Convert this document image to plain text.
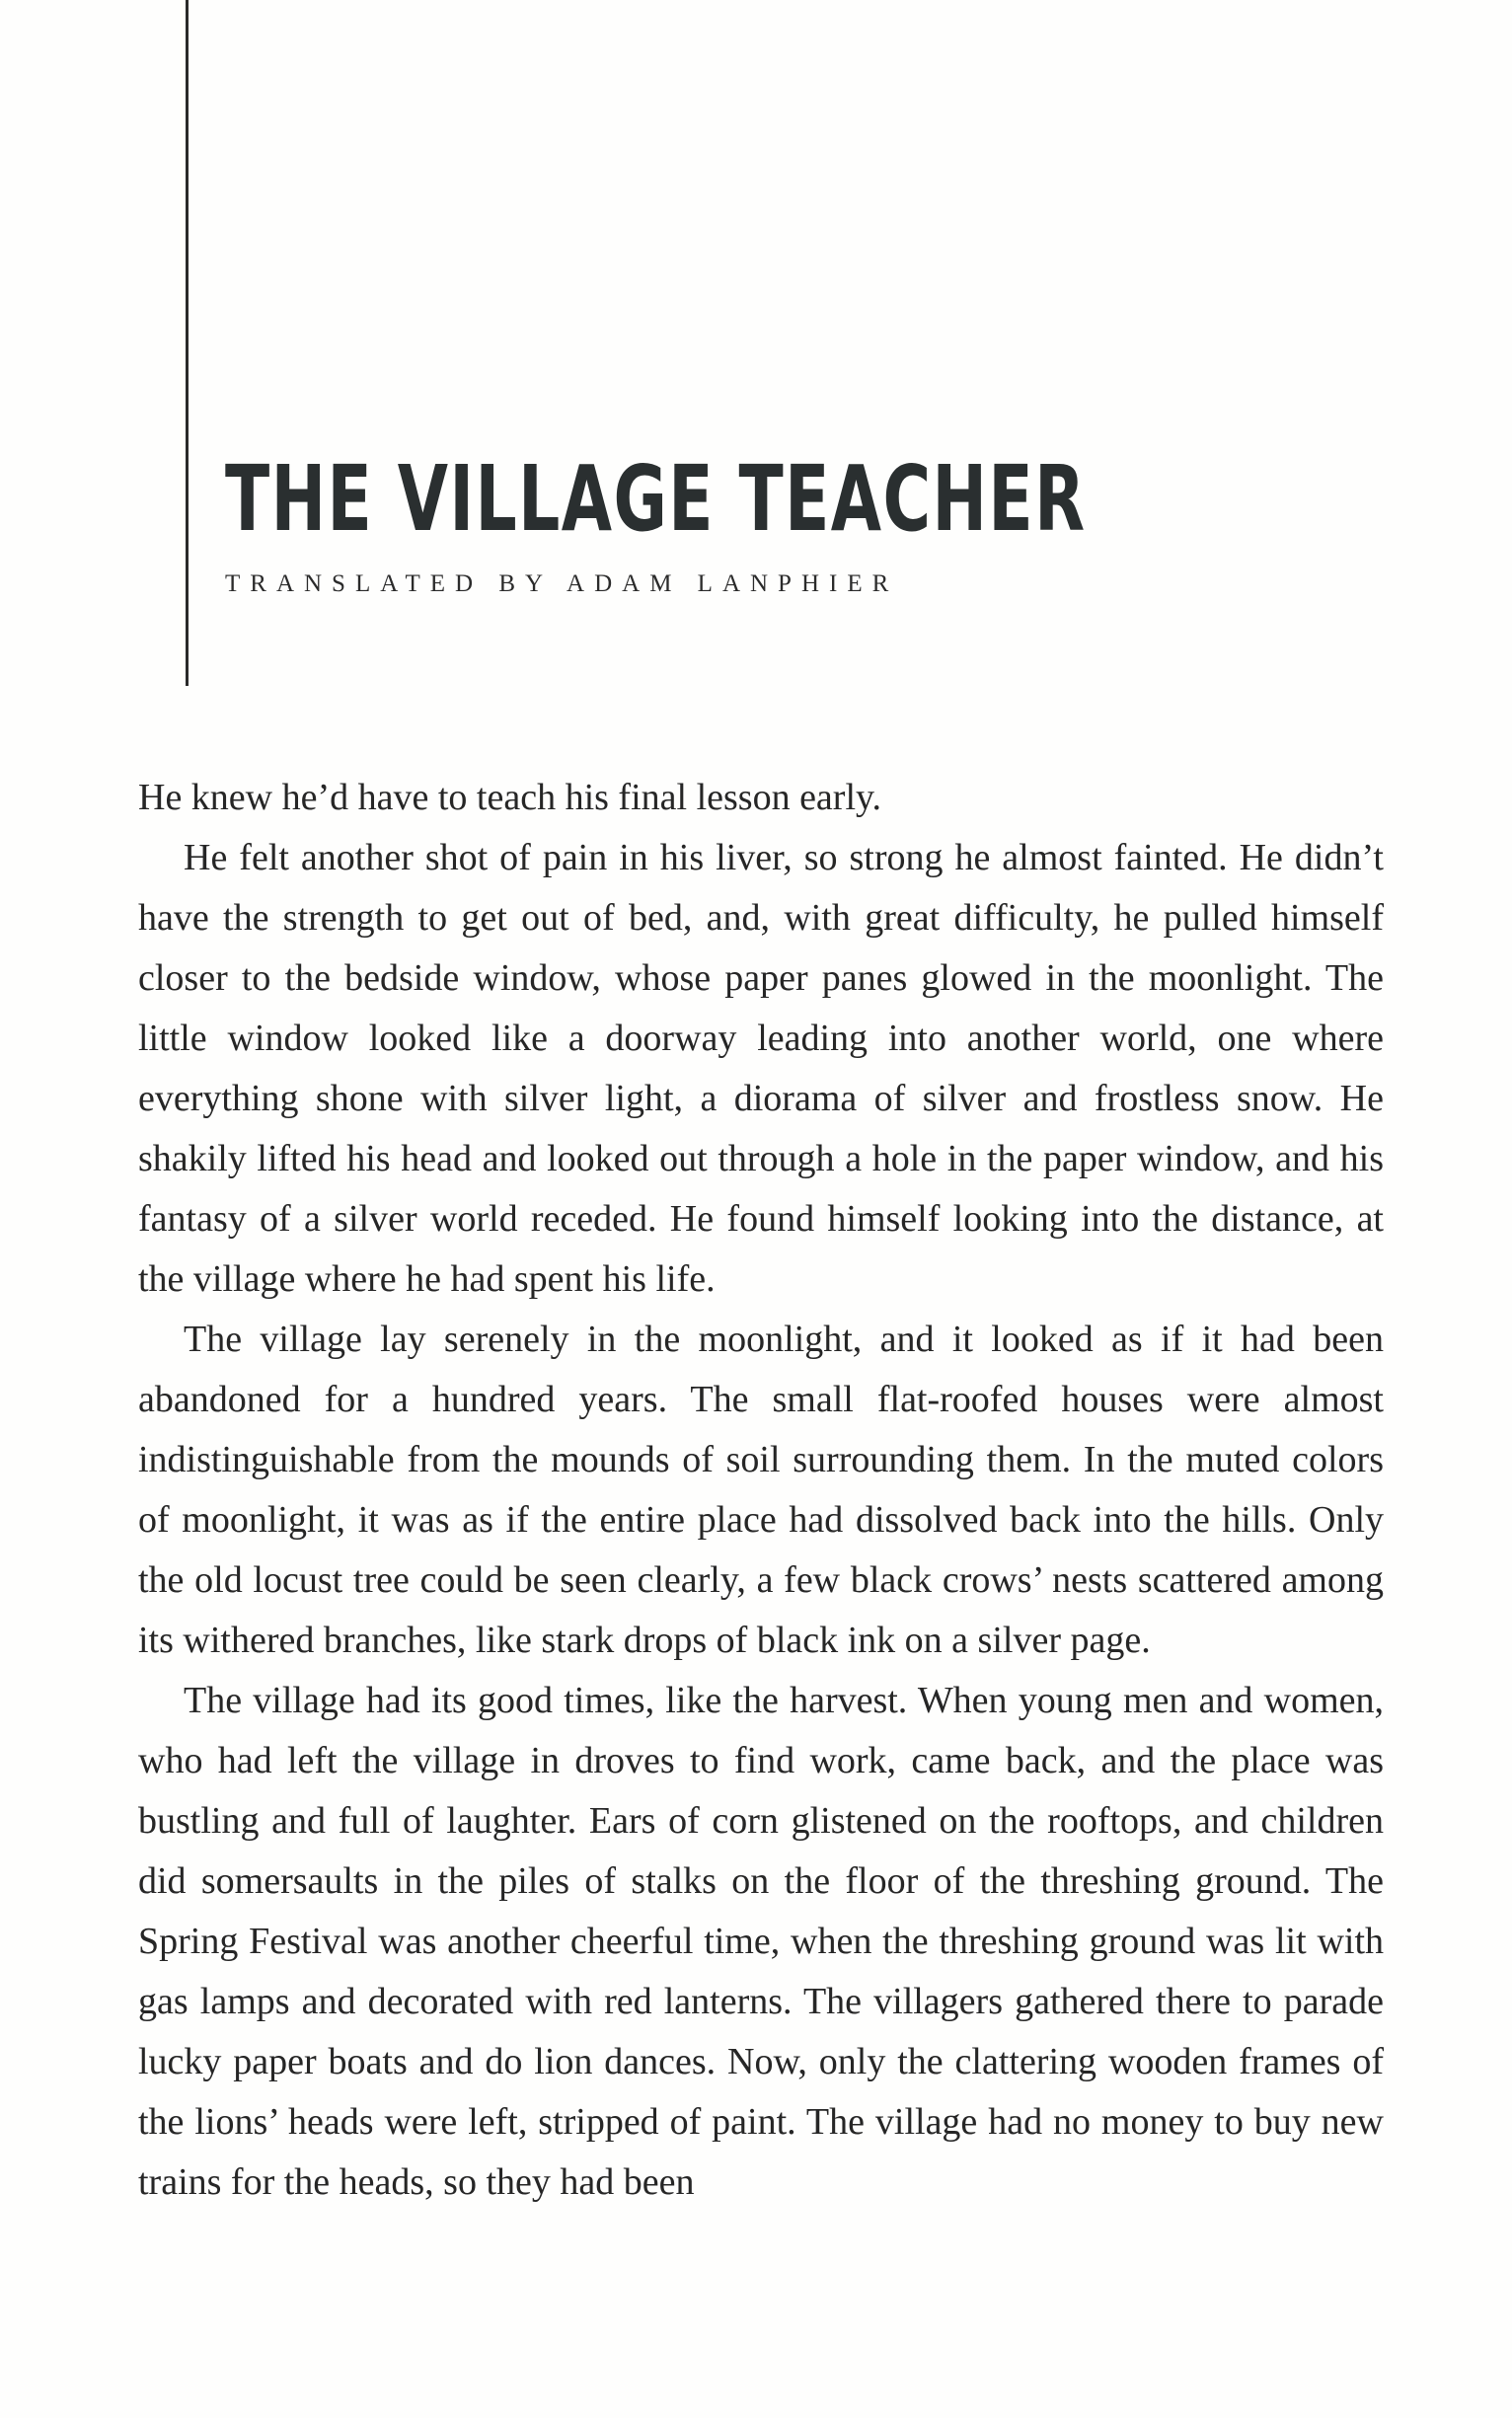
THE VILLAGE TEACHER
TRANSLATED BY ADAM LANPHIER

He knew he’d have to teach his final lesson early.

He felt another shot of pain in his liver, so strong he almost fainted. He didn’t have the strength to get out of bed, and, with great difficulty, he pulled himself closer to the bedside window, whose paper panes glowed in the moonlight. The little window looked like a doorway leading into another world, one where everything shone with silver light, a diorama of silver and frostless snow. He shakily lifted his head and looked out through a hole in the paper window, and his fantasy of a silver world receded. He found himself looking into the distance, at the village where he had spent his life.

The village lay serenely in the moonlight, and it looked as if it had been abandoned for a hundred years. The small flat-roofed houses were almost indistinguishable from the mounds of soil surrounding them. In the muted colors of moonlight, it was as if the entire place had dissolved back into the hills. Only the old locust tree could be seen clearly, a few black crows’ nests scattered among its withered branches, like stark drops of black ink on a silver page.

The village had its good times, like the harvest. When young men and women, who had left the village in droves to find work, came back, and the place was bustling and full of laughter. Ears of corn glistened on the rooftops, and children did somersaults in the piles of stalks on the floor of the threshing ground. The Spring Festival was another cheerful time, when the threshing ground was lit with gas lamps and decorated with red lanterns. The villagers gathered there to parade lucky paper boats and do lion dances. Now, only the clattering wooden frames of the lions’ heads were left, stripped of paint. The village had no money to buy new trains for the heads, so they had been
